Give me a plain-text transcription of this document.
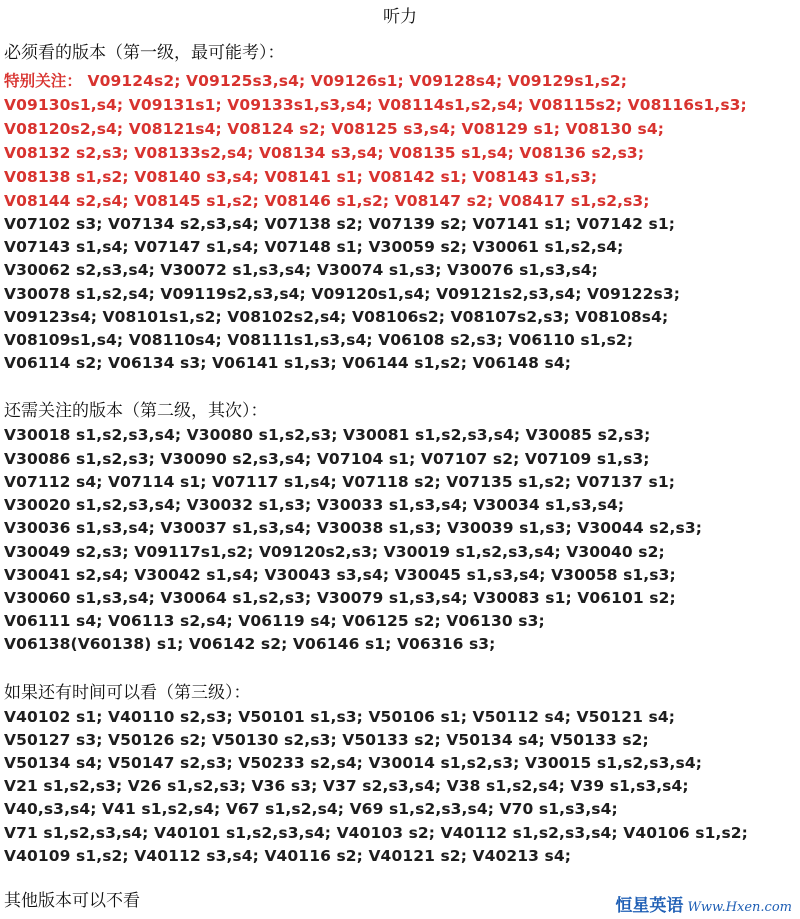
听力
必须看的版本（第一级，最可能考）：
特别关注： V09124s2; V09125s3,s4; V09126s1; V09128s4; V09129s1,s2;
V09130s1,s4; V09131s1; V09133s1,s3,s4; V08114s1,s2,s4; V08115s2; V08116s1,s3;
V08120s2,s4; V08121s4; V08124 s2; V08125 s3,s4; V08129 s1; V08130 s4;
V08132 s2,s3; V08133s2,s4; V08134 s3,s4; V08135 s1,s4; V08136 s2,s3;
V08138 s1,s2; V08140 s3,s4; V08141 s1; V08142 s1; V08143 s1,s3;
V08144 s2,s4; V08145 s1,s2; V08146 s1,s2; V08147 s2; V08417 s1,s2,s3;
V07102 s3; V07134 s2,s3,s4; V07138 s2; V07139 s2; V07141 s1; V07142 s1;
V07143 s1,s4; V07147 s1,s4; V07148 s1; V30059 s2; V30061 s1,s2,s4;
V30062 s2,s3,s4; V30072 s1,s3,s4; V30074 s1,s3; V30076 s1,s3,s4;
V30078 s1,s2,s4; V09119s2,s3,s4; V09120s1,s4; V09121s2,s3,s4; V09122s3;
V09123s4; V08101s1,s2; V08102s2,s4; V08106s2; V08107s2,s3; V08108s4;
V08109s1,s4; V08110s4; V08111s1,s3,s4; V06108 s2,s3; V06110 s1,s2;
V06114 s2; V06134 s3; V06141 s1,s3; V06144 s1,s2; V06148 s4;
还需关注的版本（第二级，其次）：
V30018 s1,s2,s3,s4; V30080 s1,s2,s3; V30081 s1,s2,s3,s4; V30085 s2,s3;
V30086 s1,s2,s3; V30090 s2,s3,s4; V07104 s1; V07107 s2; V07109 s1,s3;
V07112 s4; V07114 s1; V07117 s1,s4; V07118 s2; V07135 s1,s2; V07137 s1;
V30020 s1,s2,s3,s4; V30032 s1,s3; V30033 s1,s3,s4; V30034 s1,s3,s4;
V30036 s1,s3,s4; V30037 s1,s3,s4; V30038 s1,s3; V30039 s1,s3; V30044 s2,s3;
V30049 s2,s3; V09117s1,s2; V09120s2,s3; V30019 s1,s2,s3,s4; V30040 s2;
V30041 s2,s4; V30042 s1,s4; V30043 s3,s4; V30045 s1,s3,s4; V30058 s1,s3;
V30060 s1,s3,s4; V30064 s1,s2,s3; V30079 s1,s3,s4; V30083 s1; V06101 s2;
V06111 s4; V06113 s2,s4; V06119 s4; V06125 s2; V06130 s3;
V06138(V60138) s1; V06142 s2; V06146 s1; V06316 s3;
如果还有时间可以看（第三级）：
V40102 s1; V40110 s2,s3; V50101 s1,s3; V50106 s1; V50112 s4; V50121 s4;
V50127 s3; V50126 s2; V50130 s2,s3; V50133 s2; V50134 s4; V50133 s2;
V50134 s4; V50147 s2,s3; V50233 s2,s4; V30014 s1,s2,s3; V30015 s1,s2,s3,s4;
V21 s1,s2,s3; V26 s1,s2,s3; V36 s3; V37 s2,s3,s4; V38 s1,s2,s4; V39 s1,s3,s4;
V40,s3,s4; V41 s1,s2,s4; V67 s1,s2,s4; V69 s1,s2,s3,s4; V70 s1,s3,s4;
V71 s1,s2,s3,s4; V40101 s1,s2,s3,s4; V40103 s2; V40112 s1,s2,s3,s4; V40106 s1,s2;
V40109 s1,s2; V40112 s3,s4; V40116 s2; V40121 s2; V40213 s4;
其他版本可以不看	恒星英语 Www.Hxen.com
